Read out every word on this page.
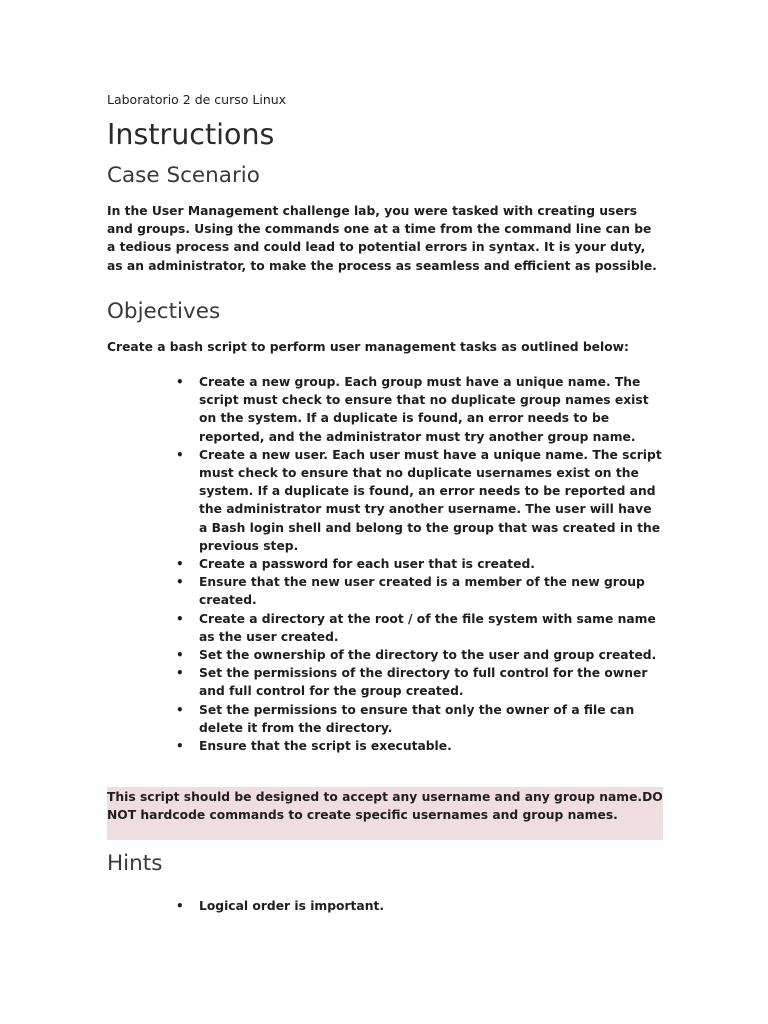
Laboratorio 2 de curso Linux
Instructions
Case Scenario
In the User Management challenge lab, you were tasked with creating users and groups. Using the commands one at a time from the command line can be a tedious process and could lead to potential errors in syntax. It is your duty, as an administrator, to make the process as seamless and efficient as possible.
Objectives
Create a bash script to perform user management tasks as outlined below:
• Create a new group. Each group must have a unique name. The script must check to ensure that no duplicate group names exist on the system. If a duplicate is found, an error needs to be reported, and the administrator must try another group name.
• Create a new user. Each user must have a unique name. The script must check to ensure that no duplicate usernames exist on the system. If a duplicate is found, an error needs to be reported and the administrator must try another username. The user will have a Bash login shell and belong to the group that was created in the previous step.
• Create a password for each user that is created.
• Ensure that the new user created is a member of the new group created.
• Create a directory at the root / of the file system with same name as the user created.
• Set the ownership of the directory to the user and group created.
• Set the permissions of the directory to full control for the owner and full control for the group created.
• Set the permissions to ensure that only the owner of a file can delete it from the directory.
• Ensure that the script is executable.
This script should be designed to accept any username and any group name.DO NOT hardcode commands to create specific usernames and group names.
Hints
• Logical order is important.
